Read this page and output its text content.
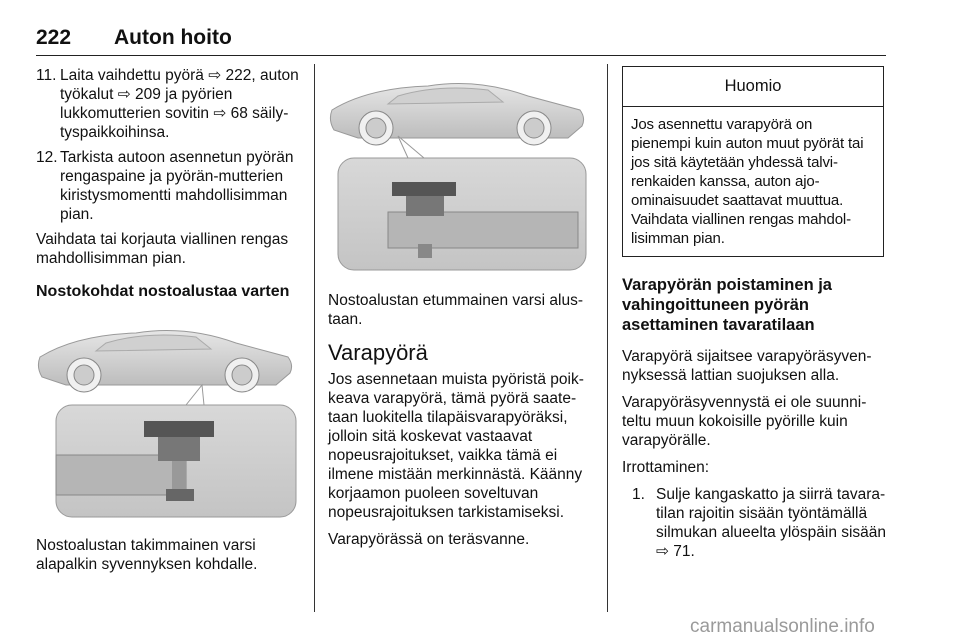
222 Auton hoito
11. Laita vaihdettu pyörä ⇨ 222, auton työkalut ⇨ 209 ja pyörien lukkomutterien sovitin ⇨ 68 säily-tyspaikkoihinsa.
12. Tarkista autoon asennetun pyörän rengaspaine ja pyörän-mutterien kiristysmomentti mahdollisimman pian.

Vaihdata tai korjauta viallinen rengas mahdollisimman pian.

Nostokohdat nostoalustaa varten

Nostoalustan takimmainen varsi alapalkin syvennyksen kohdalle.

Nostoalustan etummainen varsi alus-taan.

Varapyörä

Jos asennetaan muista pyöristä poik-keava varapyörä, tämä pyörä saate-taan luokitella tilapäisvarapyöräksi, jolloin sitä koskevat vastaavat nopeusrajoitukset, vaikka tämä ei ilmene mistään merkinnästä. Käänny korjaamon puoleen soveltuvan nopeusrajoituksen tarkistamiseksi.

Varapyörässä on teräsvanne.

Huomio
Jos asennettu varapyörä on pienempi kuin auton muut pyörät tai jos sitä käytetään yhdessä talvi-renkaiden kanssa, auton ajo-ominaisuudet saattavat muuttua. Vaihdata viallinen rengas mahdol-lisimman pian.
Varapyörän poistaminen ja vahingoittuneen pyörän asettaminen tavaratilaan

Varapyörä sijaitsee varapyöräsyven-nyksessä lattian suojuksen alla.

Varapyöräsyvennystä ei ole suunni-teltu muun kokoisille pyörille kuin varapyörälle.

Irrottaminen:

1. Sulje kangaskatto ja siirrä tavara-tilan rajoitin sisään työntämällä silmukan alueelta ylöspäin sisään ⇨ 71.
carmanualsonline.info
